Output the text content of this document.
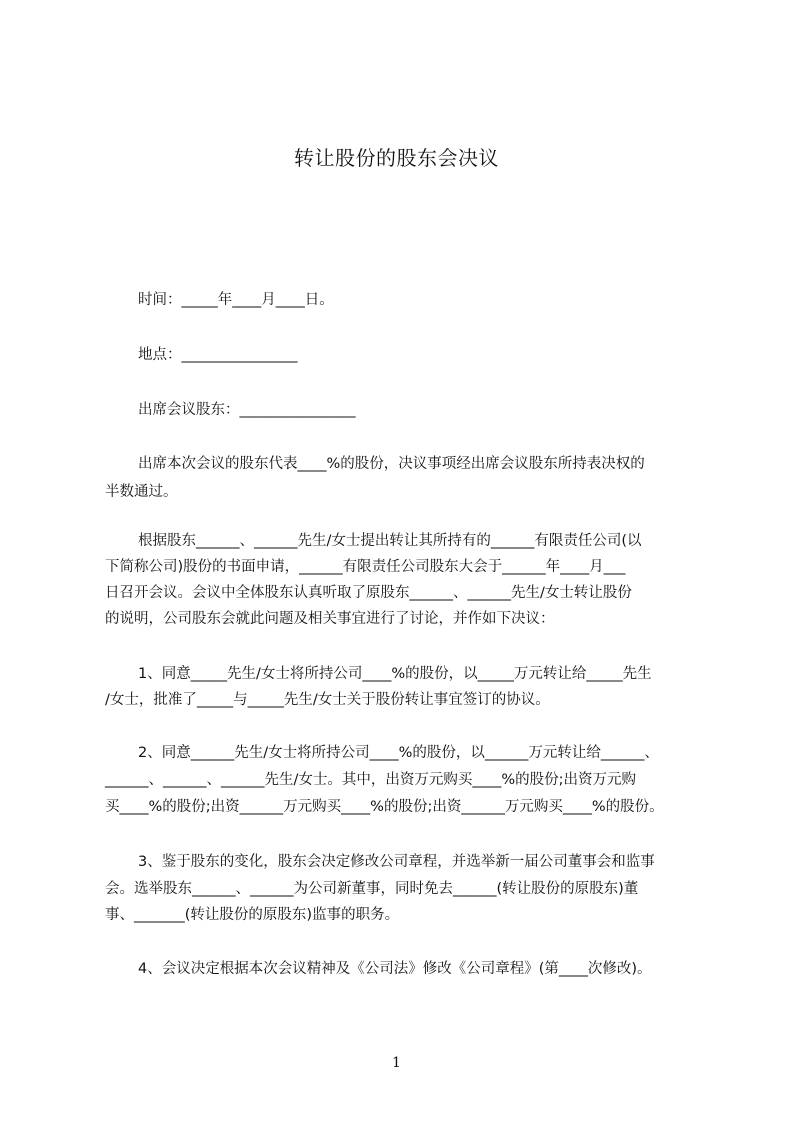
转让股份的股东会决议
时间：_____年____月____日。
地点：________________
出席会议股东：________________
出席本次会议的股东代表____%的股份，决议事项经出席会议股东所持表决权的
半数通过。
根据股东______、______先生/女士提出转让其所持有的______有限责任公司(以
下简称公司)股份的书面申请，______有限责任公司股东大会于______年____月___
日召开会议。会议中全体股东认真听取了原股东______、______先生/女士转让股份
的说明，公司股东会就此问题及相关事宜进行了讨论，并作如下决议：
1、同意_____先生/女士将所持公司____%的股份，以_____万元转让给_____先生
/女士，批准了_____与_____先生/女士关于股份转让事宜签订的协议。
2、同意______先生/女士将所持公司____%的股份，以______万元转让给______、
______、______、______先生/女士。其中，出资万元购买____%的股份;出资万元购
买____%的股份;出资______万元购买____%的股份;出资______万元购买____%的股份。
3、鉴于股东的变化，股东会决定修改公司章程，并选举新一届公司董事会和监事
会。选举股东______、______为公司新董事，同时免去______(转让股份的原股东)董
事、_______(转让股份的原股东)监事的职务。
4、会议决定根据本次会议精神及《公司法》修改《公司章程》(第____次修改)。
1
